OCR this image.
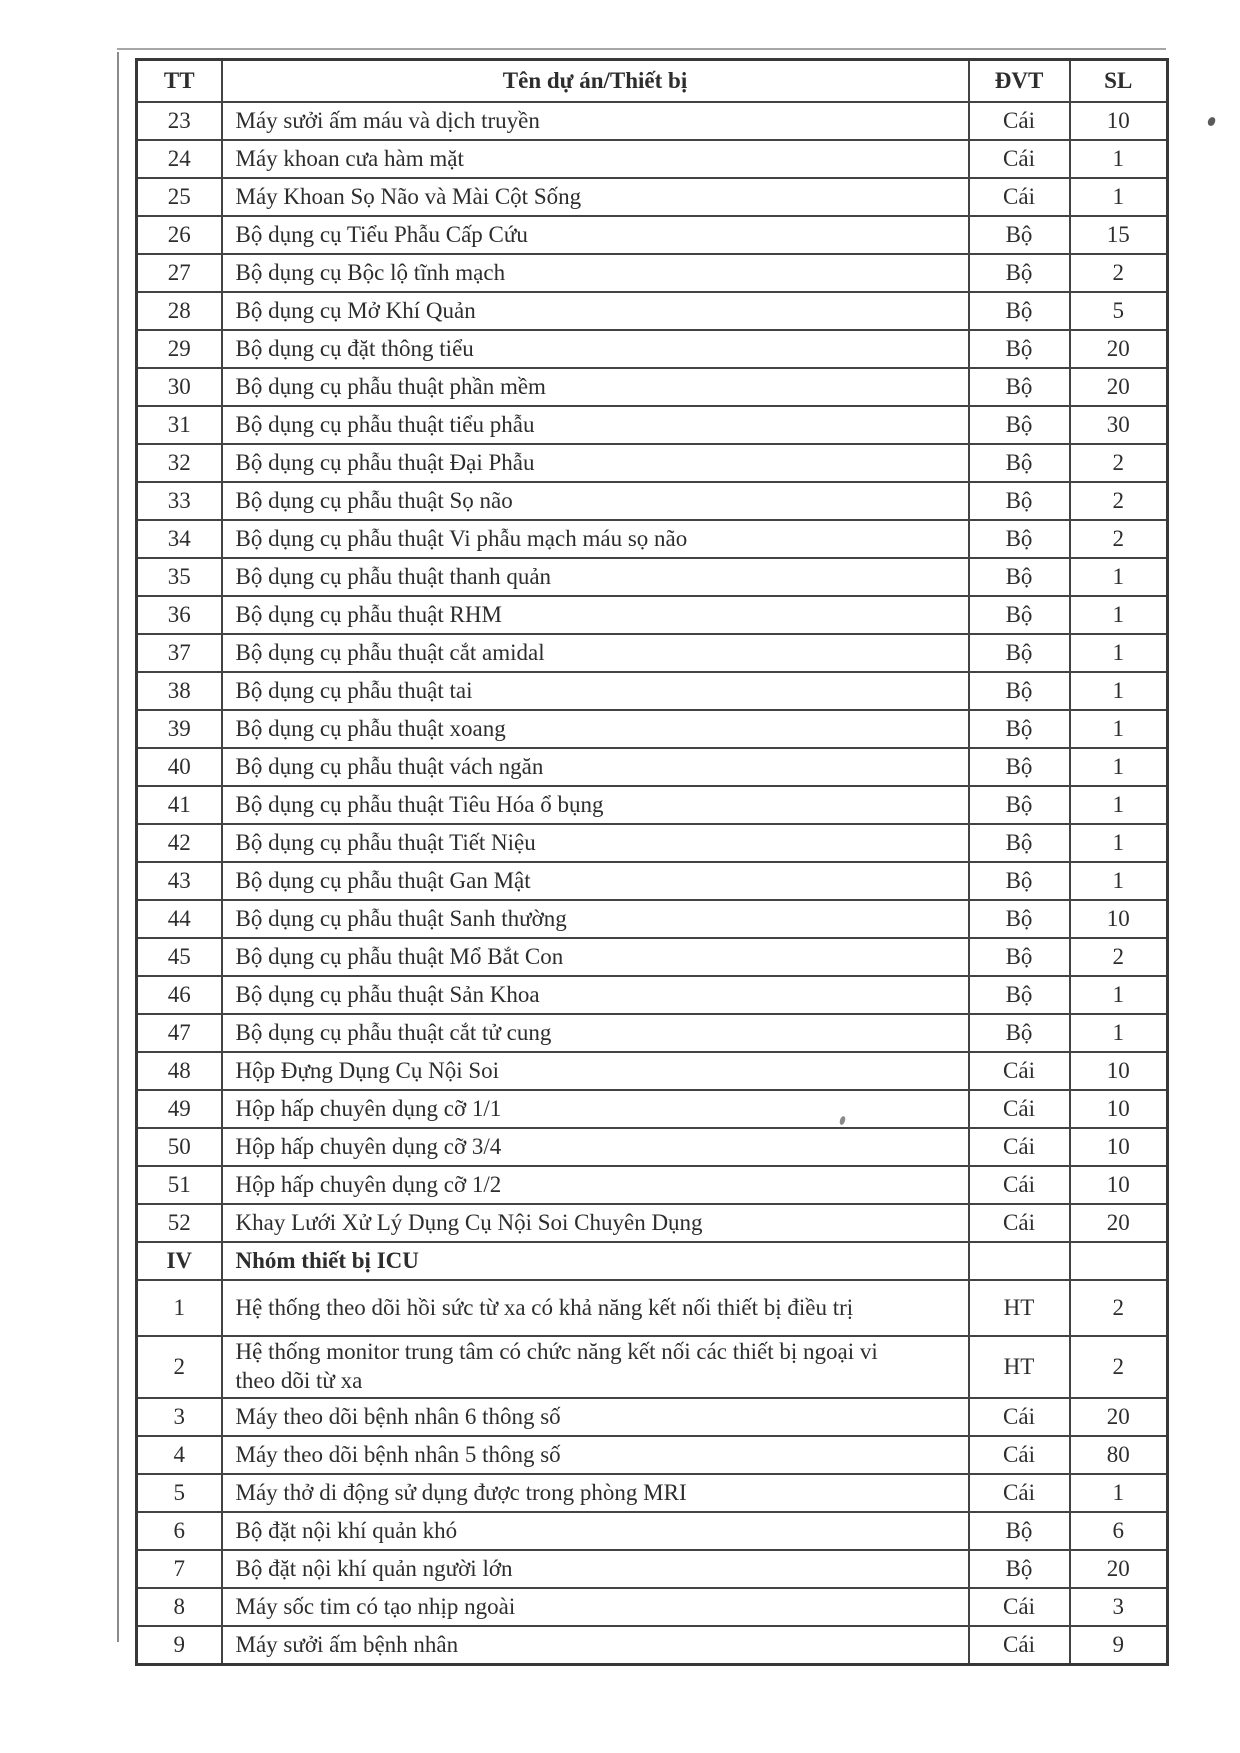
TT	Tên dự án/Thiết bị	ĐVT	SL
23	Máy sưởi ấm máu và dịch truyền	Cái	10
24	Máy khoan cưa hàm mặt	Cái	1
25	Máy Khoan Sọ Não và Mài Cột Sống	Cái	1
26	Bộ dụng cụ Tiểu Phẫu Cấp Cứu	Bộ	15
27	Bộ dụng cụ Bộc lộ tĩnh mạch	Bộ	2
28	Bộ dụng cụ Mở Khí Quản	Bộ	5
29	Bộ dụng cụ đặt thông tiểu	Bộ	20
30	Bộ dụng cụ phẫu thuật phần mềm	Bộ	20
31	Bộ dụng cụ phẫu thuật tiểu phẫu	Bộ	30
32	Bộ dụng cụ phẫu thuật Đại Phẫu	Bộ	2
33	Bộ dụng cụ phẫu thuật Sọ não	Bộ	2
34	Bộ dụng cụ phẫu thuật Vi phẫu mạch máu sọ não	Bộ	2
35	Bộ dụng cụ phẫu thuật thanh quản	Bộ	1
36	Bộ dụng cụ phẫu thuật RHM	Bộ	1
37	Bộ dụng cụ phẫu thuật cắt amidal	Bộ	1
38	Bộ dụng cụ phẫu thuật tai	Bộ	1
39	Bộ dụng cụ phẫu thuật xoang	Bộ	1
40	Bộ dụng cụ phẫu thuật vách ngăn	Bộ	1
41	Bộ dụng cụ phẫu thuật Tiêu Hóa ổ bụng	Bộ	1
42	Bộ dụng cụ phẫu thuật Tiết Niệu	Bộ	1
43	Bộ dụng cụ phẫu thuật Gan Mật	Bộ	1
44	Bộ dụng cụ phẫu thuật Sanh thường	Bộ	10
45	Bộ dụng cụ phẫu thuật Mổ Bắt Con	Bộ	2
46	Bộ dụng cụ phẫu thuật Sản Khoa	Bộ	1
47	Bộ dụng cụ phẫu thuật cắt tử cung	Bộ	1
48	Hộp Đựng Dụng Cụ Nội Soi	Cái	10
49	Hộp hấp chuyên dụng cỡ 1/1	Cái	10
50	Hộp hấp chuyên dụng cỡ 3/4	Cái	10
51	Hộp hấp chuyên dụng cỡ 1/2	Cái	10
52	Khay Lưới Xử Lý Dụng Cụ Nội Soi Chuyên Dụng	Cái	20
IV	Nhóm thiết bị ICU		
1	Hệ thống theo dõi hồi sức từ xa có khả năng kết nối thiết bị điều trị	HT	2
2	Hệ thống monitor trung tâm có chức năng kết nối các thiết bị ngoại vi theo dõi từ xa	HT	2
3	Máy theo dõi bệnh nhân 6 thông số	Cái	20
4	Máy theo dõi bệnh nhân 5 thông số	Cái	80
5	Máy thở di động sử dụng được trong phòng MRI	Cái	1
6	Bộ đặt nội khí quản khó	Bộ	6
7	Bộ đặt nội khí quản người lớn	Bộ	20
8	Máy sốc tim có tạo nhịp ngoài	Cái	3
9	Máy sưởi ấm bệnh nhân	Cái	9
